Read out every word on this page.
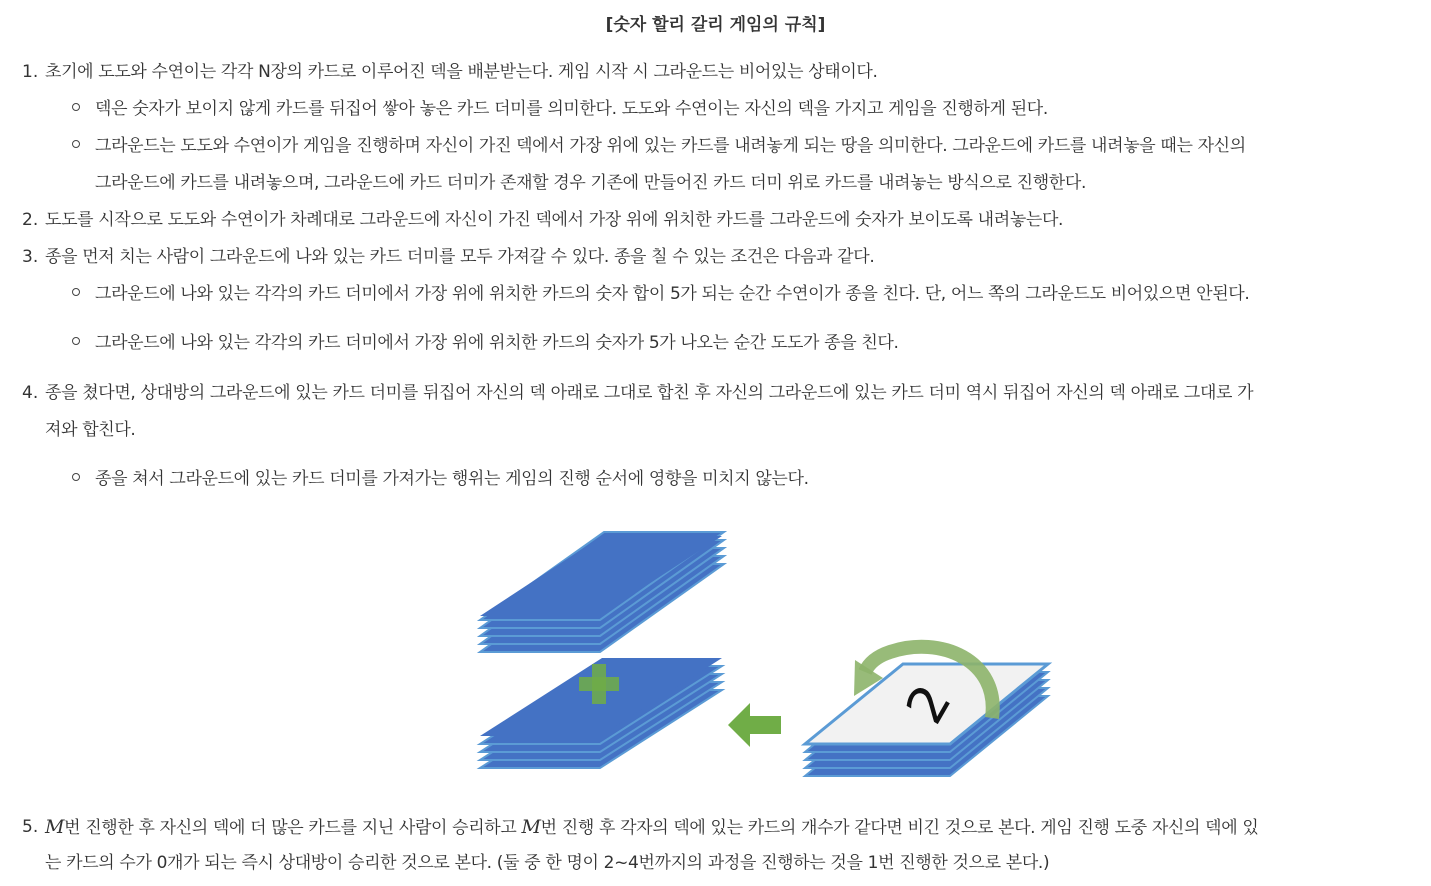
[숫자 할리 갈리 게임의 규칙]
1. 초기에 도도와 수연이는 각각 N장의 카드로 이루어진 덱을 배분받는다. 게임 시작 시 그라운드는 비어있는 상태이다.
덱은 숫자가 보이지 않게 카드를 뒤집어 쌓아 놓은 카드 더미를 의미한다. 도도와 수연이는 자신의 덱을 가지고 게임을 진행하게 된다.
그라운드는 도도와 수연이가 게임을 진행하며 자신이 가진 덱에서 가장 위에 있는 카드를 내려놓게 되는 땅을 의미한다. 그라운드에 카드를 내려놓을 때는 자신의
그라운드에 카드를 내려놓으며, 그라운드에 카드 더미가 존재할 경우 기존에 만들어진 카드 더미 위로 카드를 내려놓는 방식으로 진행한다.
2. 도도를 시작으로 도도와 수연이가 차례대로 그라운드에 자신이 가진 덱에서 가장 위에 위치한 카드를 그라운드에 숫자가 보이도록 내려놓는다.
3. 종을 먼저 치는 사람이 그라운드에 나와 있는 카드 더미를 모두 가져갈 수 있다. 종을 칠 수 있는 조건은 다음과 같다.
그라운드에 나와 있는 각각의 카드 더미에서 가장 위에 위치한 카드의 숫자 합이 5가 되는 순간 수연이가 종을 친다. 단, 어느 쪽의 그라운드도 비어있으면 안된다.
그라운드에 나와 있는 각각의 카드 더미에서 가장 위에 위치한 카드의 숫자가 5가 나오는 순간 도도가 종을 친다.
4. 종을 쳤다면, 상대방의 그라운드에 있는 카드 더미를 뒤집어 자신의 덱 아래로 그대로 합친 후 자신의 그라운드에 있는 카드 더미 역시 뒤집어 자신의 덱 아래로 그대로 가
져와 합친다.
종을 쳐서 그라운드에 있는 카드 더미를 가져가는 행위는 게임의 진행 순서에 영향을 미치지 않는다.
2
5. M번 진행한 후 자신의 덱에 더 많은 카드를 지닌 사람이 승리하고 M번 진행 후 각자의 덱에 있는 카드의 개수가 같다면 비긴 것으로 본다. 게임 진행 도중 자신의 덱에 있
는 카드의 수가 0개가 되는 즉시 상대방이 승리한 것으로 본다. (둘 중 한 명이 2~4번까지의 과정을 진행하는 것을 1번 진행한 것으로 본다.)
